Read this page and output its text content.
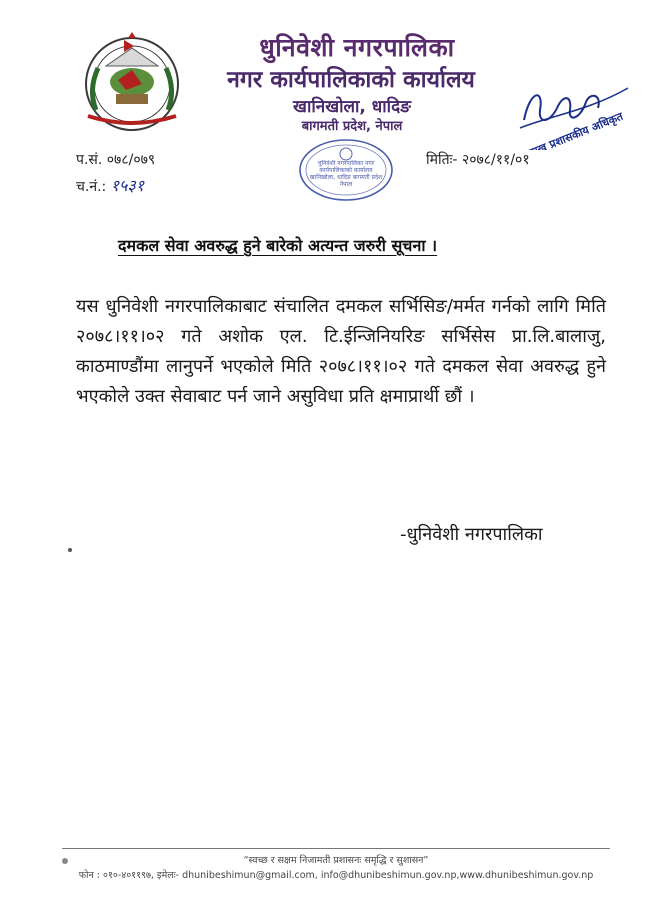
धुनिवेशी नगरपालिका
नगर कार्यपालिकाको कार्यालय
खानिखोला, धादिङ
बागमती प्रदेश, नेपाल	प्रमुख प्रशासकीय अधिकृत
प.सं. ०७८/०७९
च.नं.: १५३१
मितिः- २०७८/११/०१
धुनिवेशी नगरपालिका नगर कार्यपालिकाको कार्यालय खानिखोला, धादिङ बागमती प्रदेश नेपाल
दमकल सेवा अवरुद्ध हुने बारेको अत्यन्त जरुरी सूचना ।
यस धुनिवेशी नगरपालिकाबाट संचालित दमकल सर्भिसिङ/मर्मत गर्नको लागि मिति २०७८।११।०२ गते अशोक एल. टि.ईन्जिनियरिङ सर्भिसेस प्रा.लि.बालाजु, काठमाण्डौंमा लानुपर्ने भएकोले मिति २०७८।११।०२ गते दमकल सेवा अवरुद्ध हुने भएकोले उक्त सेवाबाट पर्न जाने असुविधा प्रति क्षमाप्रार्थी छौं ।
-धुनिवेशी नगरपालिका
“स्वच्छ र सक्षम निजामती प्रशासनः समृद्धि र सुशासन”
फोन : ०१०-४०११९७, इमेलः- dhunibeshimun@gmail.com, info@dhunibeshimun.gov.np,www.dhunibeshimun.gov.np
